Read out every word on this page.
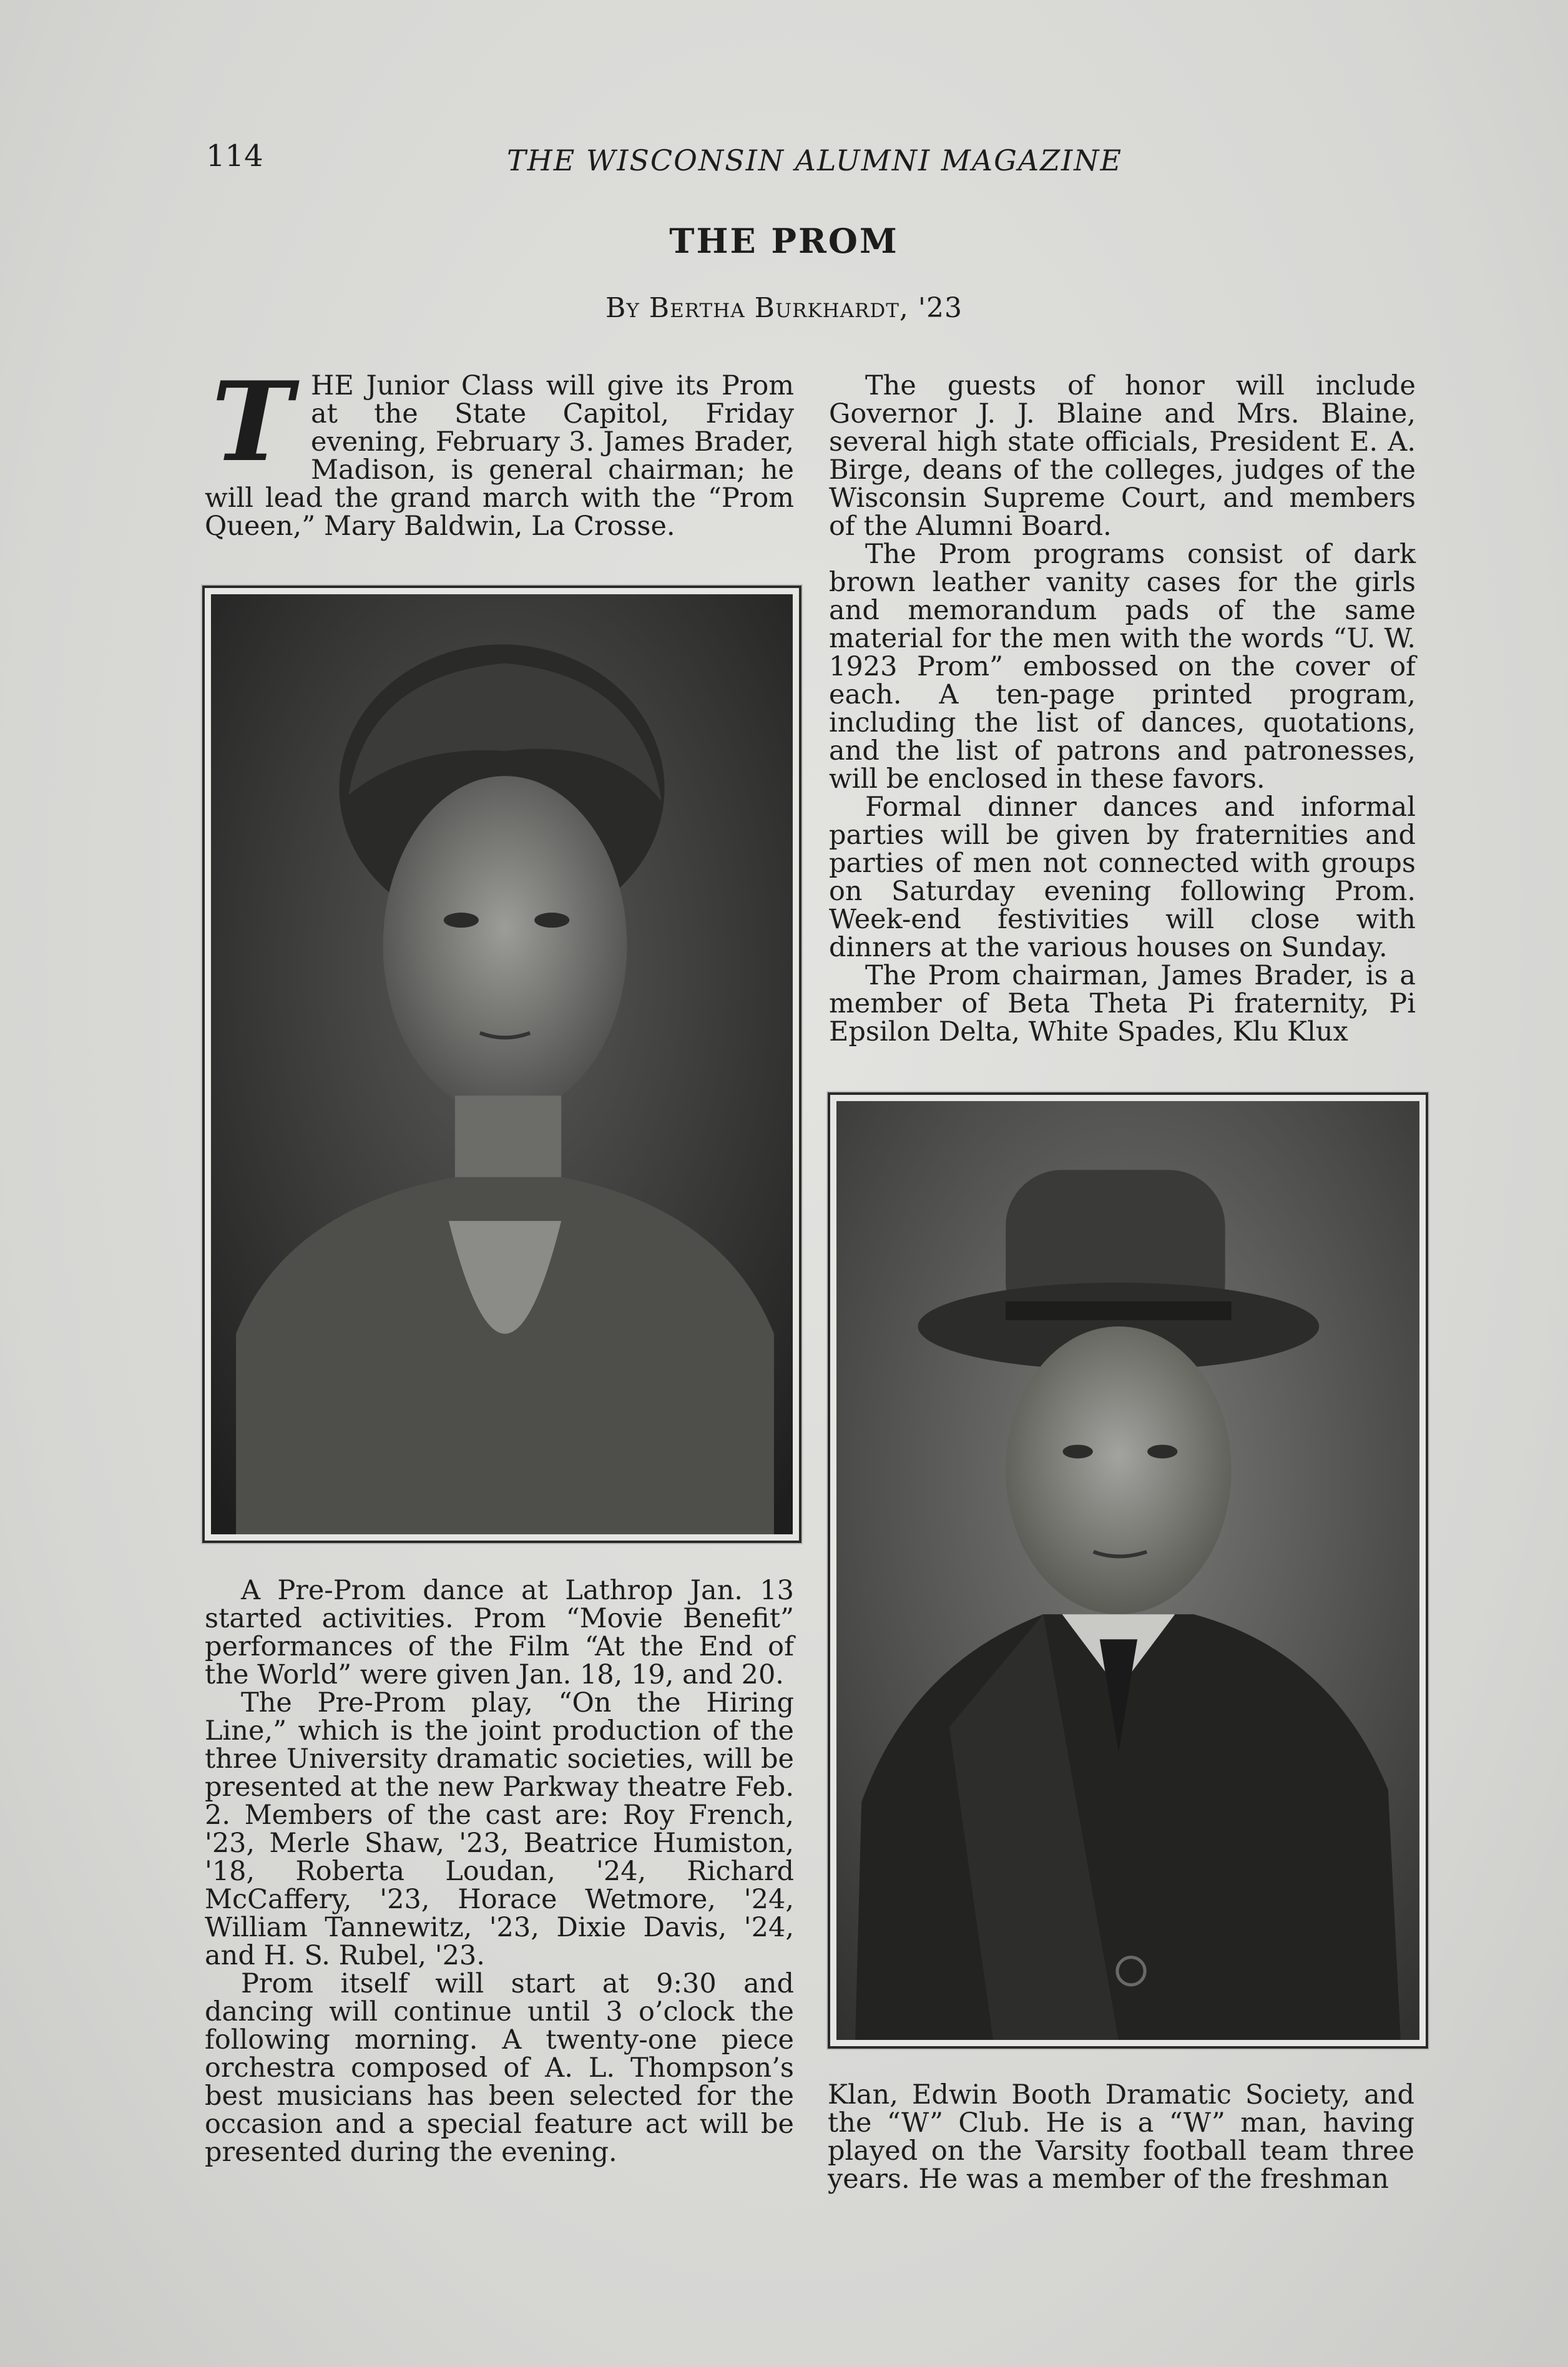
114	THE WISCONSIN ALUMNI MAGAZINE
THE PROM
By Bertha Burkhardt, '23

THE Junior Class will give its Prom at the State Capitol, Friday evening, February 3. James Brader, Madison, is general chairman; he will lead the grand march with the “Prom Queen,” Mary Baldwin, La Crosse.

A Pre-Prom dance at Lathrop Jan. 13 started activities. Prom “Movie Benefit” performances of the Film “At the End of the World” were given Jan. 18, 19, and 20.

The Pre-Prom play, “On the Hiring Line,” which is the joint production of the three University dramatic societies, will be presented at the new Parkway theatre Feb. 2. Members of the cast are: Roy French, '23, Merle Shaw, '23, Beatrice Humiston, '18, Roberta Loudan, '24, Richard McCaffery, '23, Horace Wetmore, '24, William Tannewitz, '23, Dixie Davis, '24, and H. S. Rubel, '23.

Prom itself will start at 9:30 and dancing will continue until 3 o’clock the following morning. A twenty-one piece orchestra composed of A. L. Thompson’s best musicians has been selected for the occasion and a special feature act will be presented during the evening.

The guests of honor will include Governor J. J. Blaine and Mrs. Blaine, several high state officials, President E. A. Birge, deans of the colleges, judges of the Wisconsin Supreme Court, and members of the Alumni Board.

The Prom programs consist of dark brown leather vanity cases for the girls and memorandum pads of the same material for the men with the words “U. W. 1923 Prom” embossed on the cover of each. A ten-page printed program, including the list of dances, quotations, and the list of patrons and patronesses, will be enclosed in these favors.

Formal dinner dances and informal parties will be given by fraternities and parties of men not connected with groups on Saturday evening following Prom. Week-end festivities will close with dinners at the various houses on Sunday.

The Prom chairman, James Brader, is a member of Beta Theta Pi fraternity, Pi Epsilon Delta, White Spades, Klu Klux

Klan, Edwin Booth Dramatic Society, and the “W” Club. He is a “W” man, having played on the Varsity football team three years. He was a member of the freshman
